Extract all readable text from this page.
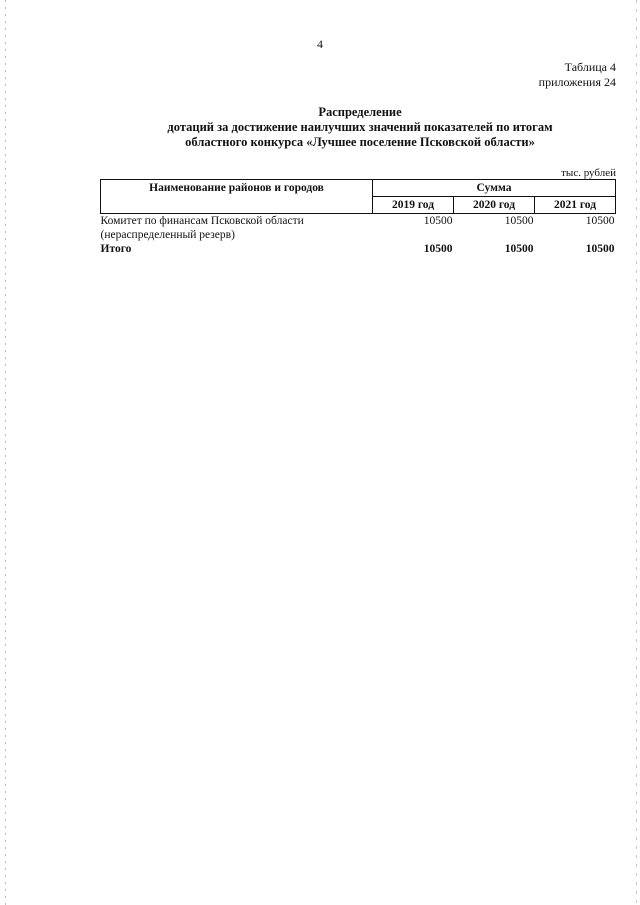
4
Таблица 4
приложения 24
Распределение
дотаций за достижение наилучших значений показателей по итогам
областного конкурса «Лучшее поселение Псковской области»
тыс. рублей
Наименование районов и городов	Сумма		
	2019 год	2020 год	2021 год

Комитет по финансам Псковской области
(нераспределенный резерв)	10500	10500	10500
Итого	10500	10500	10500
